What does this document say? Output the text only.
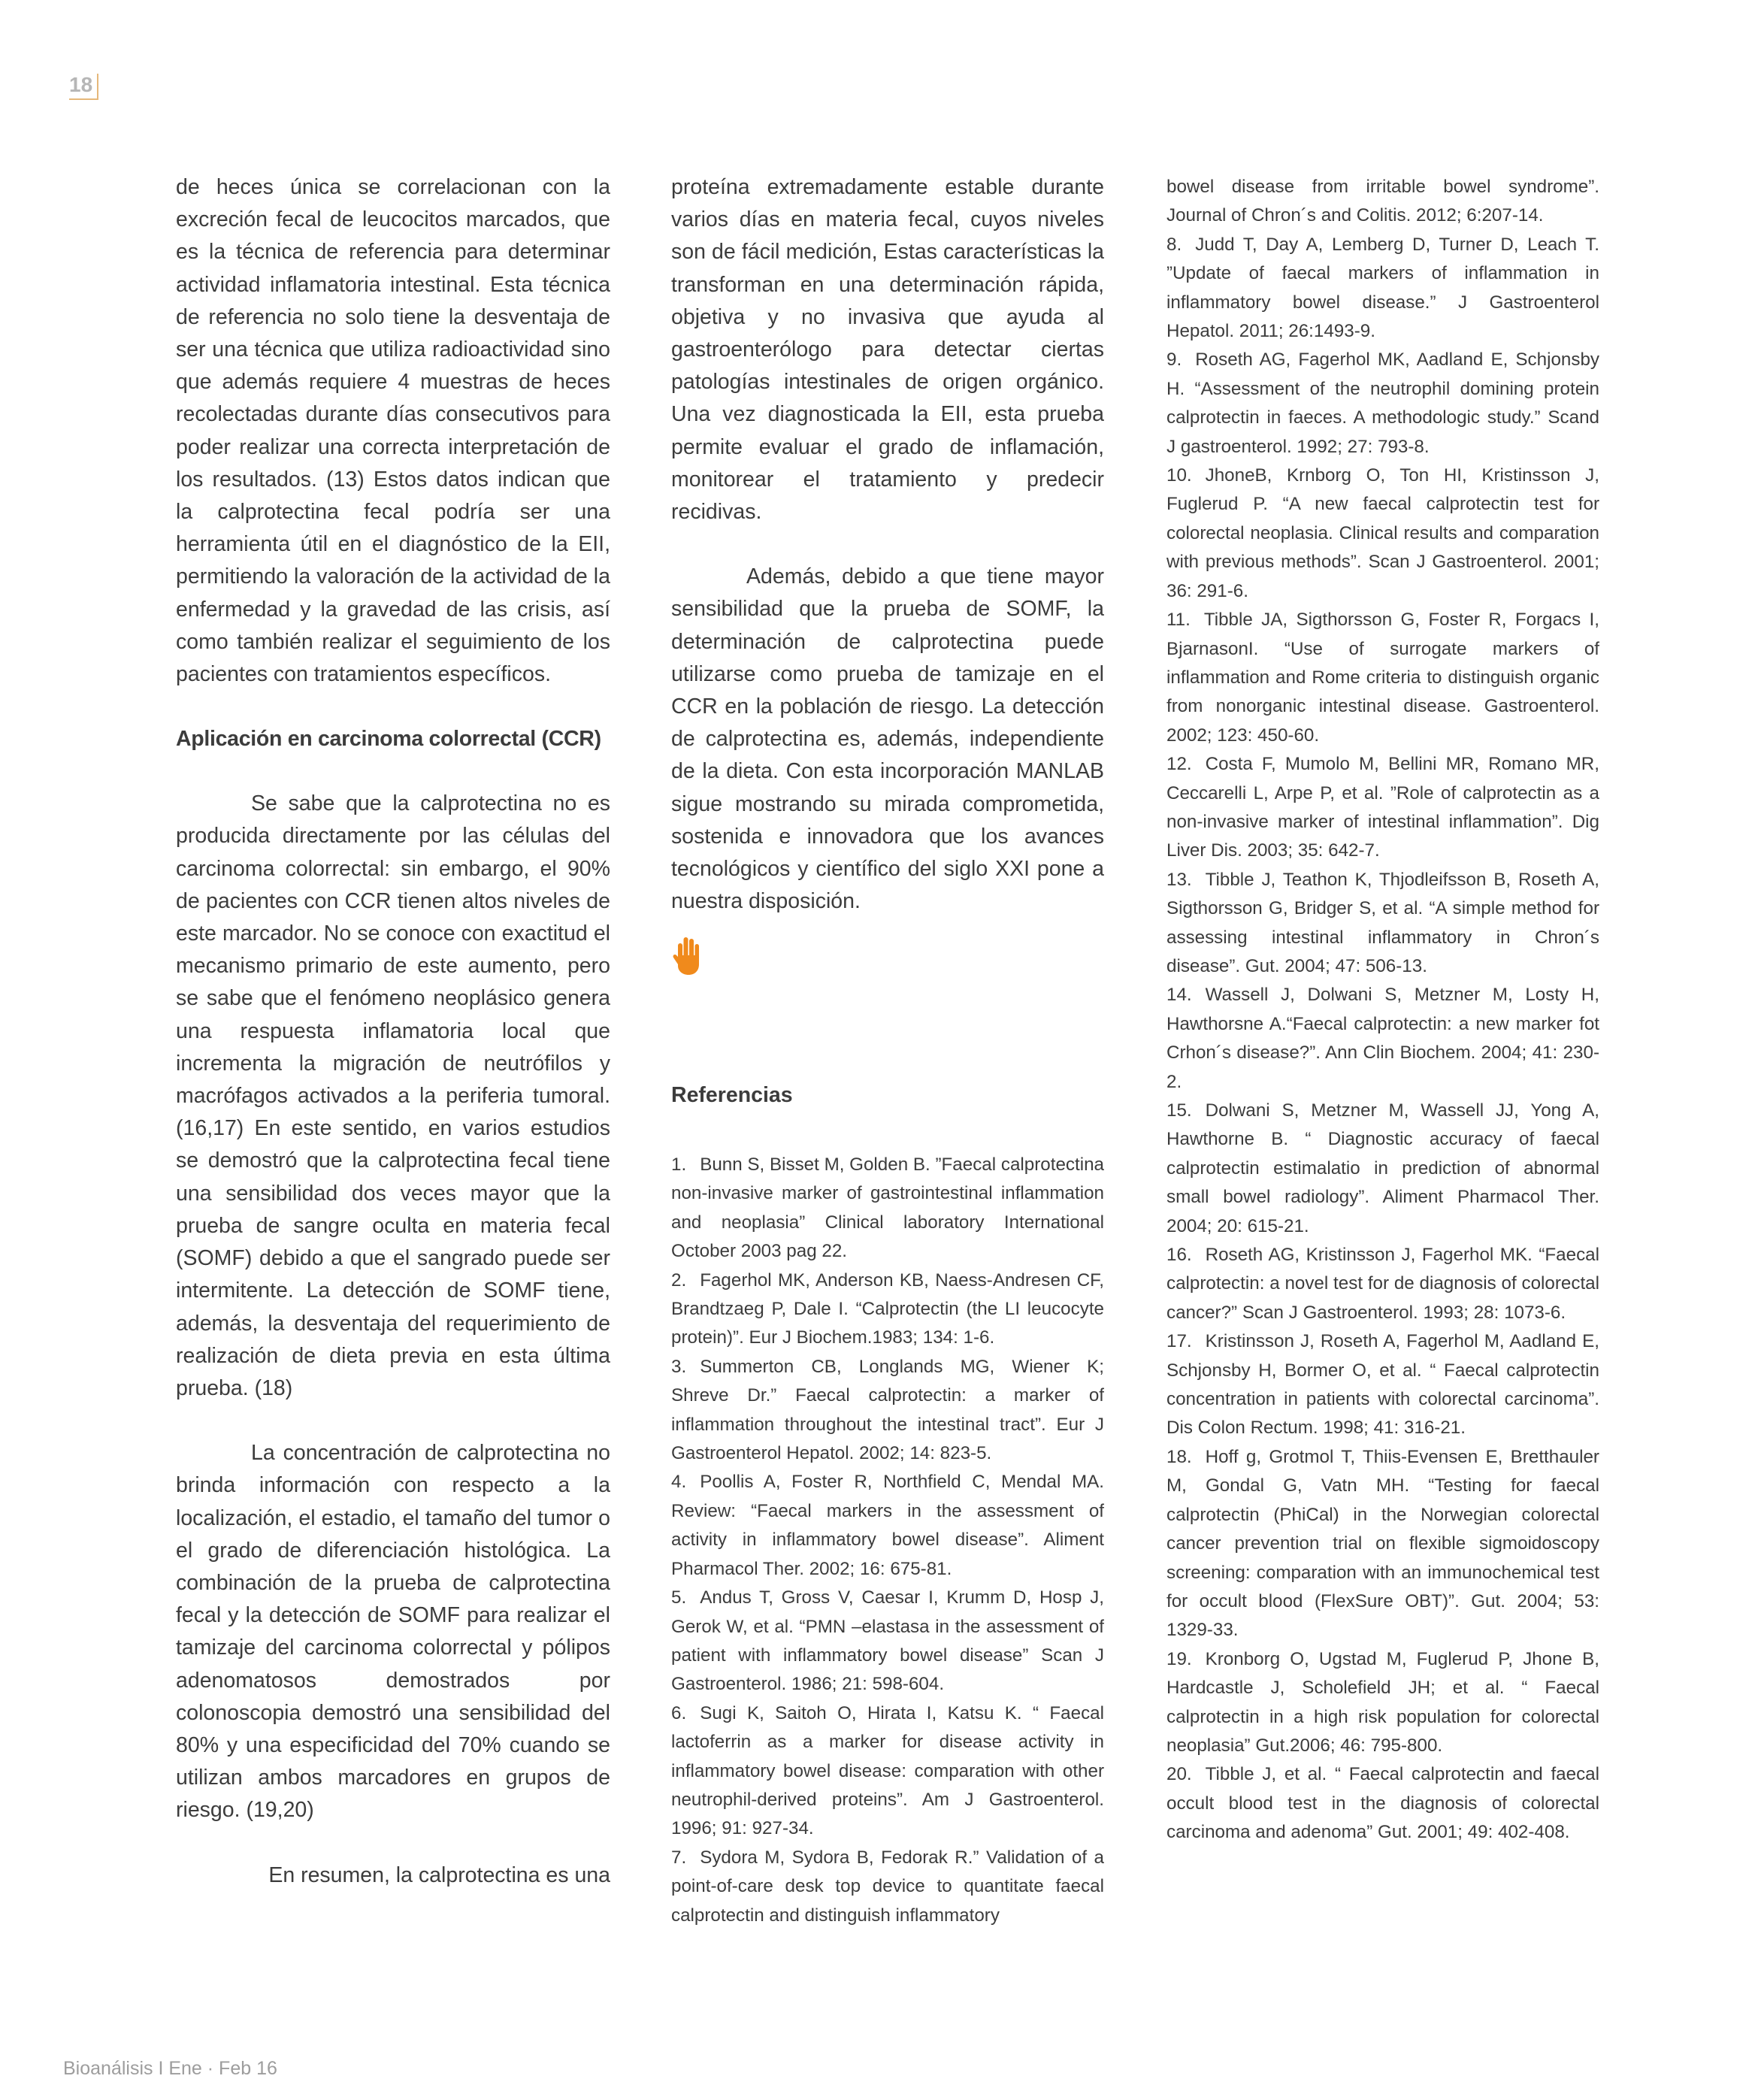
18

de heces única se correlacionan con la excreción fecal de leucocitos marcados, que es la técnica de referencia para determinar actividad inflamatoria intestinal. Esta técnica de referencia no solo tiene la desventaja de ser una técnica que utiliza radioactividad sino que además requiere 4 muestras de heces recolectadas durante días consecutivos para poder realizar una correcta interpretación de los resultados. (13) Estos datos indican que la calprotectina fecal podría ser una herramienta útil en el diagnóstico de la EII, permitiendo la valoración de la actividad de la enfermedad y la gravedad de las crisis, así como también realizar el seguimiento de los pacientes con tratamientos específicos.

Aplicación en carcinoma colorrectal (CCR)

Se sabe que la calprotectina no es producida directamente por las células del carcinoma colorrectal: sin embargo, el 90% de pacientes con CCR tienen altos niveles de este marcador. No se conoce con exactitud el mecanismo primario de este aumento, pero se sabe que el fenómeno neoplásico genera una respuesta inflamatoria local que incrementa la migración de neutrófilos y macrófagos activados a la periferia tumoral. (16,17) En este sentido, en varios estudios se demostró que la calprotectina fecal tiene una sensibilidad dos veces mayor que la prueba de sangre oculta en materia fecal (SOMF) debido a que el sangrado puede ser intermitente. La detección de SOMF tiene, además, la desventaja del requerimiento de realización de dieta previa en esta última prueba. (18)

La concentración de calprotectina no brinda información con respecto a la localización, el estadio, el tamaño del tumor o el grado de diferenciación histológica. La combinación de la prueba de calprotectina fecal y la detección de SOMF para realizar el tamizaje del carcinoma colorrectal y pólipos adenomatosos demostrados por colonoscopia demostró una sensibilidad del 80% y una especificidad del 70% cuando se utilizan ambos marcadores en grupos de riesgo. (19,20)

En resumen, la calprotectina es una

proteína extremadamente estable durante varios días en materia fecal, cuyos niveles son de fácil medición, Estas características la transforman en una determinación rápida, objetiva y no invasiva que ayuda al gastroenterólogo para detectar ciertas patologías intestinales de origen orgánico. Una vez diagnosticada la EII, esta prueba permite evaluar el grado de inflamación, monitorear el tratamiento y predecir recidivas.

Además, debido a que tiene mayor sensibilidad que la prueba de SOMF, la determinación de calprotectina puede utilizarse como prueba de tamizaje en el CCR en la población de riesgo. La detección de calprotectina es, además, independiente de la dieta. Con esta incorporación MANLAB sigue mostrando su mirada comprometida, sostenida e innovadora que los avances tecnológicos y científico del siglo XXI pone a nuestra disposición.

Referencias

1. Bunn S, Bisset M, Golden B. ”Faecal calprotectina non-invasive marker of gastrointestinal inflammation and neoplasia” Clinical laboratory International October 2003 pag 22.

2. Fagerhol MK, Anderson KB, Naess-Andresen CF, Brandtzaeg P, Dale I. “Calprotectin (the LI leucocyte protein)”. Eur J Biochem.1983; 134: 1-6.

3. Summerton CB, Longlands MG, Wiener K; Shreve Dr.” Faecal calprotectin: a marker of inflammation throughout the intestinal tract”. Eur J Gastroenterol Hepatol. 2002; 14: 823-5.

4. Poollis A, Foster R, Northfield C, Mendal MA. Review: “Faecal markers in the assessment of activity in inflammatory bowel disease”. Aliment Pharmacol Ther. 2002; 16: 675-81.

5. Andus T, Gross V, Caesar I, Krumm D, Hosp J, Gerok W, et al. “PMN –elastasa in the assessment of patient with inflammatory bowel disease” Scan J Gastroenterol. 1986; 21: 598-604.

6. Sugi K, Saitoh O, Hirata I, Katsu K. “ Faecal lactoferrin as a marker for disease activity in inflammatory bowel disease: comparation with other neutrophil-derived proteins”. Am J Gastroenterol. 1996; 91: 927-34.

7. Sydora M, Sydora B, Fedorak R.” Validation of a point-of-care desk top device to quantitate faecal calprotectin and distinguish inflammatory

bowel disease from irritable bowel syndrome”. Journal of Chron´s and Colitis. 2012; 6:207-14.

8. Judd T, Day A, Lemberg D, Turner D, Leach T. ”Update of faecal markers of inflammation in inflammatory bowel disease.” J Gastroenterol Hepatol. 2011; 26:1493-9.

9. Roseth AG, Fagerhol MK, Aadland E, Schjonsby H. “Assessment of the neutrophil domining protein calprotectin in faeces. A methodologic study.” Scand J gastroenterol. 1992; 27: 793-8.

10. JhoneB, Krnborg O, Ton HI, Kristinsson J, Fuglerud P. “A new faecal calprotectin test for colorectal neoplasia. Clinical results and comparation with previous methods”. Scan J Gastroenterol. 2001; 36: 291-6.

11. Tibble JA, Sigthorsson G, Foster R, Forgacs I, BjarnasonI. “Use of surrogate markers of inflammation and Rome criteria to distinguish organic from nonorganic intestinal disease. Gastroenterol. 2002; 123: 450-60.

12. Costa F, Mumolo M, Bellini MR, Romano MR, Ceccarelli L, Arpe P, et al. ”Role of calprotectin as a non-invasive marker of intestinal inflammation”. Dig Liver Dis. 2003; 35: 642-7.

13. Tibble J, Teathon K, Thjodleifsson B, Roseth A, Sigthorsson G, Bridger S, et al. “A simple method for assessing intestinal inflammatory in Chron´s disease”. Gut. 2004; 47: 506-13.

14. Wassell J, Dolwani S, Metzner M, Losty H, Hawthorsne A.“Faecal calprotectin: a new marker fot Crhon´s disease?”. Ann Clin Biochem. 2004; 41: 230-2.

15. Dolwani S, Metzner M, Wassell JJ, Yong A, Hawthorne B. “ Diagnostic accuracy of faecal calprotectin estimalatio in prediction of abnormal small bowel radiology”. Aliment Pharmacol Ther. 2004; 20: 615-21.

16. Roseth AG, Kristinsson J, Fagerhol MK. “Faecal calprotectin: a novel test for de diagnosis of colorectal cancer?” Scan J Gastroenterol. 1993; 28: 1073-6.

17. Kristinsson J, Roseth A, Fagerhol M, Aadland E, Schjonsby H, Bormer O, et al. “ Faecal calprotectin concentration in patients with colorectal carcinoma”. Dis Colon Rectum. 1998; 41: 316-21.

18. Hoff g, Grotmol T, Thiis-Evensen E, Bretthauler M, Gondal G, Vatn MH. “Testing for faecal calprotectin (PhiCal) in the Norwegian colorectal cancer prevention trial on flexible sigmoidoscopy screening: comparation with an immunochemical test for occult blood (FlexSure OBT)”. Gut. 2004; 53: 1329-33.

19. Kronborg O, Ugstad M, Fuglerud P, Jhone B, Hardcastle J, Scholefield JH; et al. “ Faecal calprotectin in a high risk population for colorectal neoplasia” Gut.2006; 46: 795-800.

20. Tibble J, et al. “ Faecal calprotectin and faecal occult blood test in the diagnosis of colorectal carcinoma and adenoma” Gut. 2001; 49: 402-408.

Bioanálisis I Ene · Feb 16
